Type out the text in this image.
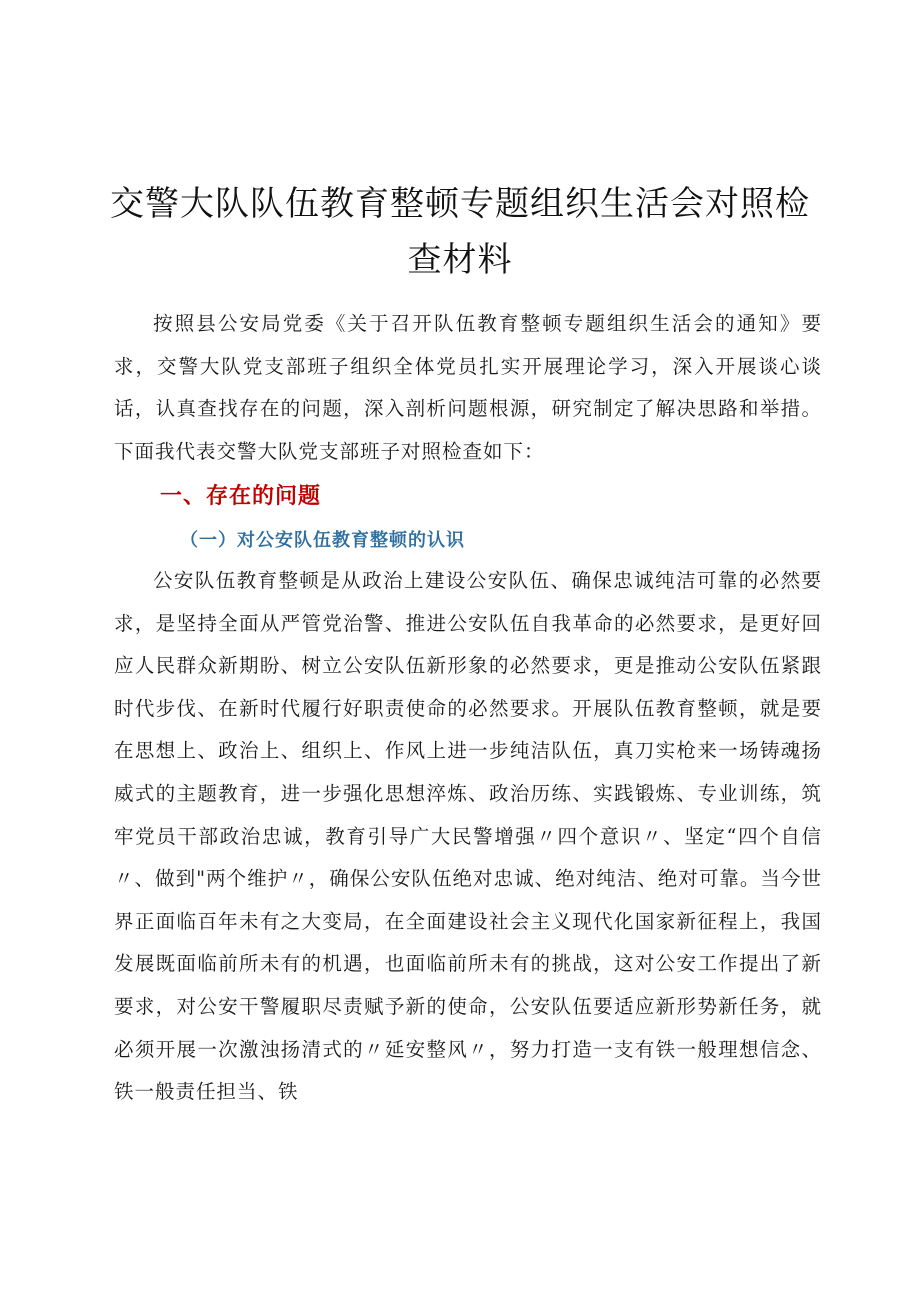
交警大队队伍教育整顿专题组织生活会对照检查材料

按照县公安局党委《关于召开队伍教育整顿专题组织生活会的通知》要求，交警大队党支部班子组织全体党员扎实开展理论学习，深入开展谈心谈话，认真查找存在的问题，深入剖析问题根源，研究制定了解决思路和举措。下面我代表交警大队党支部班子对照检查如下：

一、存在的问题
（一）对公安队伍教育整顿的认识

公安队伍教育整顿是从政治上建设公安队伍、确保忠诚纯洁可靠的必然要求，是坚持全面从严管党治警、推进公安队伍自我革命的必然要求，是更好回应人民群众新期盼、树立公安队伍新形象的必然要求，更是推动公安队伍紧跟时代步伐、在新时代履行好职责使命的必然要求。开展队伍教育整顿，就是要在思想上、政治上、组织上、作风上进一步纯洁队伍，真刀实枪来一场铸魂扬威式的主题教育，进一步强化思想淬炼、政治历练、实践锻炼、专业训练，筑牢党员干部政治忠诚，教育引导广大民警增强〃四个意识〃、坚定“四个自信〃、做到"两个维护〃，确保公安队伍绝对忠诚、绝对纯洁、绝对可靠。当今世界正面临百年未有之大变局，在全面建设社会主义现代化国家新征程上，我国发展既面临前所未有的机遇，也面临前所未有的挑战，这对公安工作提出了新要求，对公安干警履职尽责赋予新的使命，公安队伍要适应新形势新任务，就必须开展一次激浊扬清式的〃延安整风〃，努力打造一支有铁一般理想信念、铁一般责任担当、铁
